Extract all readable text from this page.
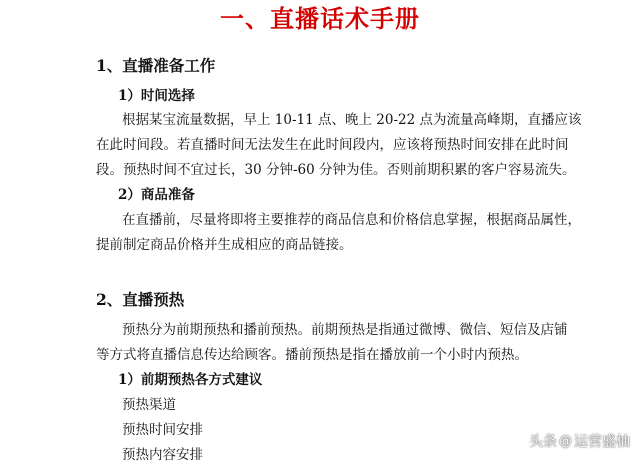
一、直播话术手册
1、直播准备工作
1）时间选择
根据某宝流量数据，早上 10-11 点、晚上 20-22 点为流量高峰期，直播应该
在此时间段。若直播时间无法发生在此时间段内，应该将预热时间安排在此时间
段。预热时间不宜过长，30 分钟-60 分钟为佳。否则前期积累的客户容易流失。
2）商品准备
在直播前，尽量将即将主要推荐的商品信息和价格信息掌握，根据商品属性，
提前制定商品价格并生成相应的商品链接。
2、直播预热
预热分为前期预热和播前预热。前期预热是指通过微博、微信、短信及店铺
等方式将直播信息传达给顾客。播前预热是指在播放前一个小时内预热。
1）前期预热各方式建议
预热渠道
预热时间安排
预热内容安排
头条 @ 运营盛柚
